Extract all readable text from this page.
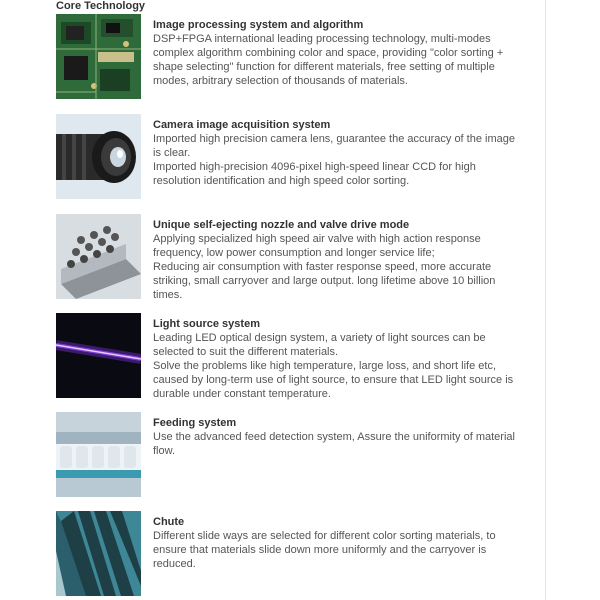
Core Technology
Image processing system and algorithm
DSP+FPGA international leading processing technology, multi-modes
complex algorithm combining color and space, providing "color sorting +
shape selecting" function for different materials, free setting of multiple
modes, arbitrary selection of thousands of materials.
Camera image acquisition system
Imported high precision camera lens, guarantee the accuracy of the image
is clear.
Imported high-precision 4096-pixel high-speed linear CCD for high
resolution identification and high speed color sorting.
Unique self-ejecting nozzle and valve drive mode
Applying specialized high speed air valve with high action response
frequency, low power consumption and longer service life;
Reducing air consumption with faster response speed, more accurate
striking, small carryover and large output. long lifetime above 10 billion
times.
Light source system
Leading LED optical design system, a variety of light sources can be
selected to suit the different materials.
Solve the problems like high temperature, large loss, and short life etc,
caused by long-term use of light source, to ensure that LED light source is
durable under constant temperature.
Feeding system
Use the advanced feed detection system, Assure the uniformity of material
flow.
Chute
Different slide ways are selected for different color sorting materials, to
ensure that materials slide down more uniformly and the carryover is
reduced.
